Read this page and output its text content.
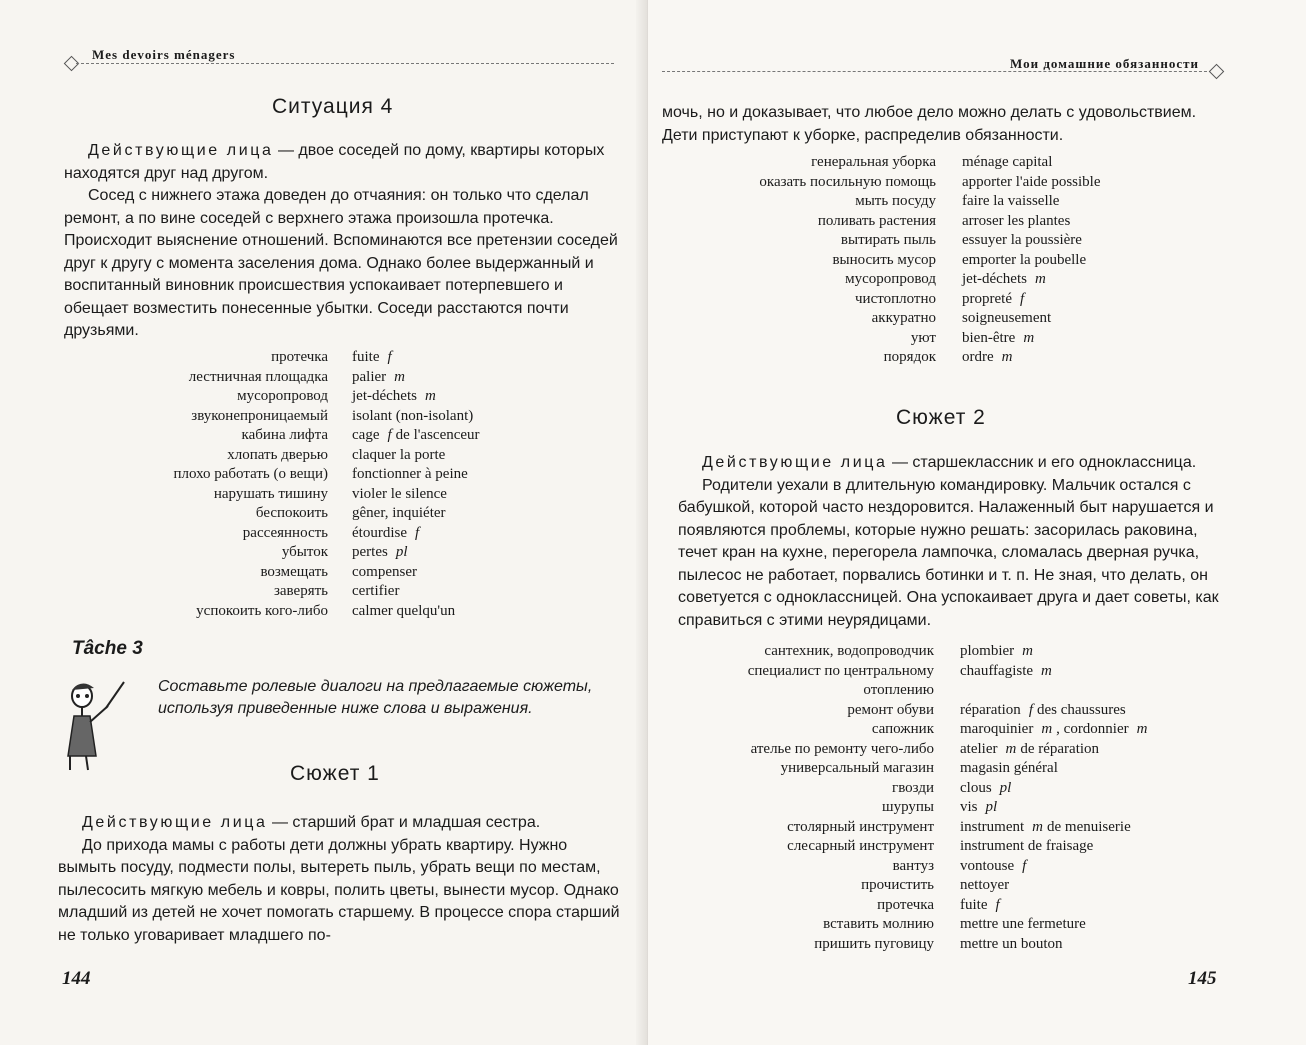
Mes devoirs ménagers
Ситуация 4

Действующие лица — двое соседей по дому, квартиры которых находятся друг над другом.

Сосед с нижнего этажа доведен до отчаяния: он только что сделал ремонт, а по вине соседей с верхнего этажа произошла протечка. Происходит выяснение отношений. Вспоминаются все претензии соседей друг к другу с момента заселения дома. Однако более выдержанный и воспитанный виновник происшествия успокаивает потерпевшего и обещает возместить понесенные убытки. Соседи расстаются почти друзьями.

протечка fuite f
лестничная площадка palier m
мусоропровод jet-déchets m
звуконепроницаемый isolant (non-isolant)
кабина лифта cage f de l'ascenceur
хлопать дверью claquer la porte
плохо работать (о вещи) fonctionner à peine
нарушать тишину violer le silence
беспокоить gêner, inquiéter
рассеянность étourdise f
убыток pertes pl
возмещать compenser
заверять certifier
успокоить кого-либо calmer quelqu'un
Tâche 3
Составьте ролевые диалоги на предлагаемые сюжеты, используя приведенные ниже слова и выражения.
Сюжет 1

Действующие лица — старший брат и младшая сестра.

До прихода мамы с работы дети должны убрать квартиру. Нужно вымыть посуду, подмести полы, вытереть пыль, убрать вещи по местам, пылесосить мягкую мебель и ковры, полить цветы, вынести мусор. Однако младший из детей не хочет помогать старшему. В процессе спора старший не только уговаривает младшего по-

144
Мои домашние обязанности

мочь, но и доказывает, что любое дело можно делать с удовольствием. Дети приступают к уборке, распределив обязанности.

генеральная уборка ménage capital
оказать посильную помощь apporter l'aide possible
мыть посуду faire la vaisselle
поливать растения arroser les plantes
вытирать пыль essuyer la poussière
выносить мусор emporter la poubelle
мусоропровод jet-déchets m
чистоплотно propreté f
аккуратно soigneusement
уют bien-être m
порядок ordre m
Сюжет 2

Действующие лица — старшеклассник и его одноклассница.

Родители уехали в длительную командировку. Мальчик остался с бабушкой, которой часто нездоровится. Налаженный быт нарушается и появляются проблемы, которые нужно решать: засорилась раковина, течет кран на кухне, перегорела лампочка, сломалась дверная ручка, пылесос не работает, порвались ботинки и т. п. Не зная, что делать, он советуется с одноклассницей. Она успокаивает друга и дает советы, как справиться с этими неурядицами.

сантехник, водопроводчик plombier m
специалист по центральному chauffagiste m
отоплению
ремонт обуви réparation f des chaussures
сапожник maroquinier m , cordonnier m
ателье по ремонту чего-либо atelier m de réparation
универсальный магазин magasin général
гвозди clous pl
шурупы vis pl
столярный инструмент instrument m de menuiserie
слесарный инструмент instrument de fraisage
вантуз vontouse f
прочистить nettoyer
протечка fuite f
вставить молнию mettre une fermeture
пришить пуговицу mettre un bouton
145
